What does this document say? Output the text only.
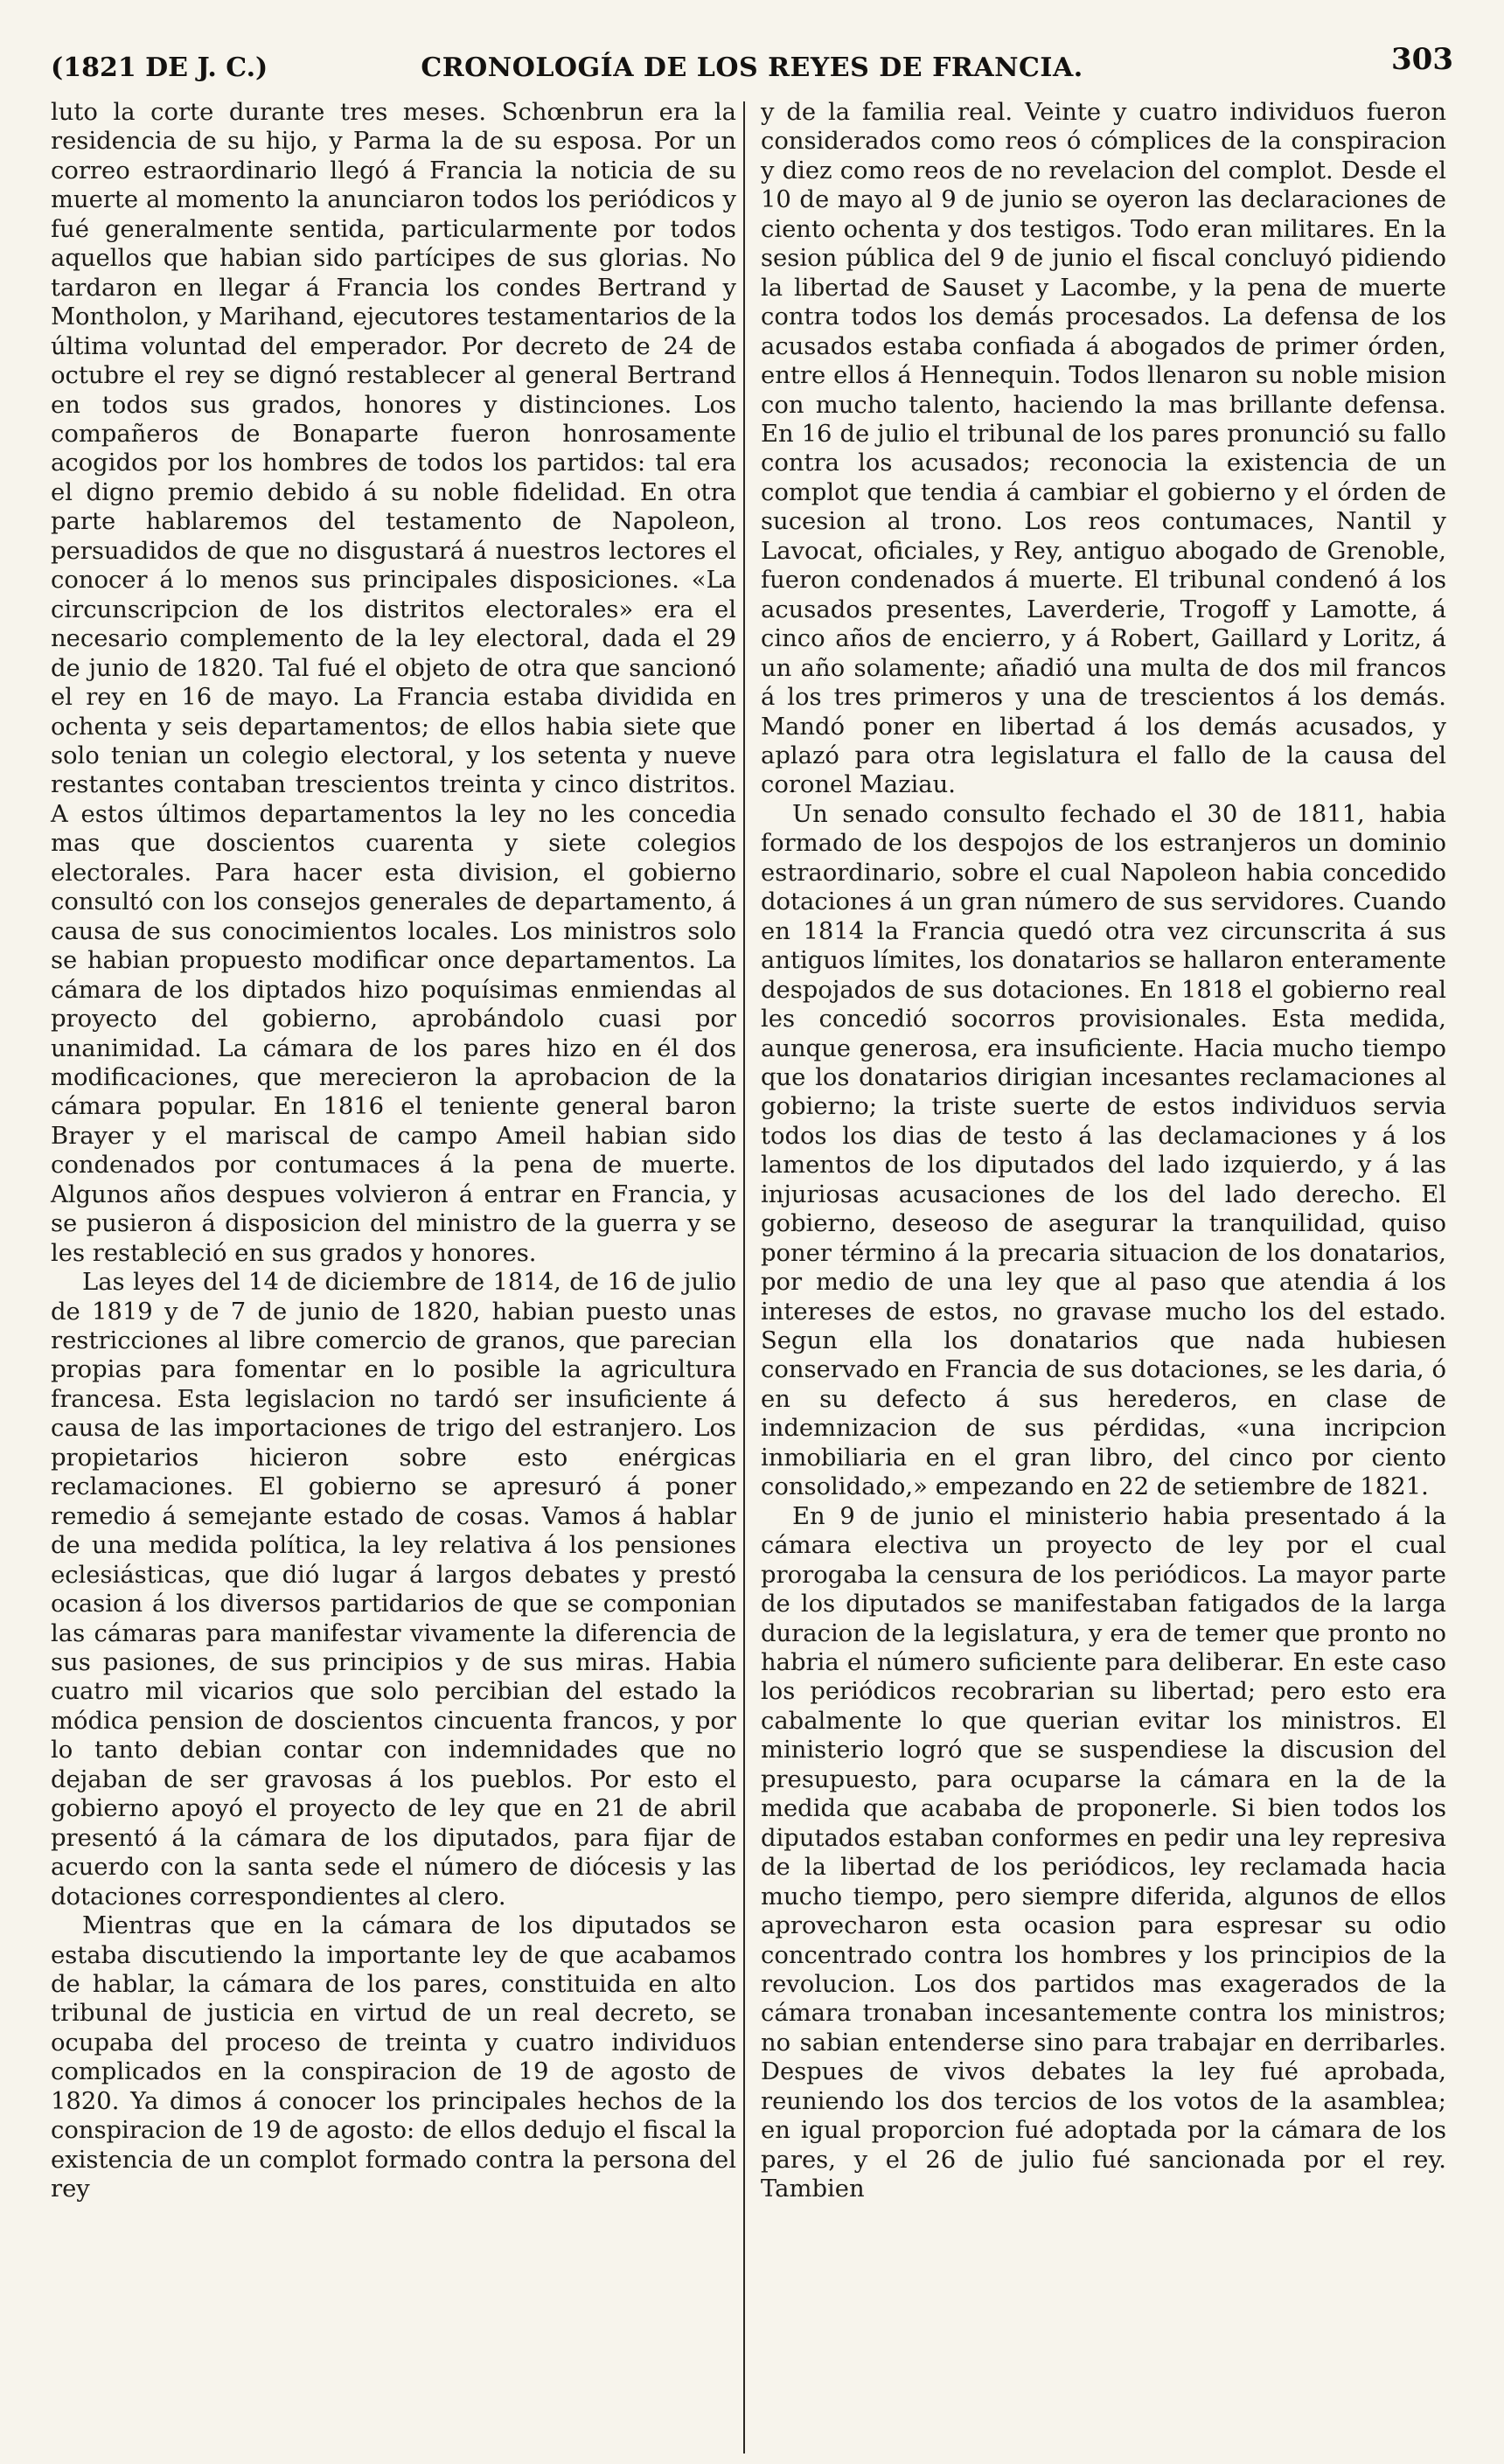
(1821 DE J. C.)	CRONOLOGÍA DE LOS REYES DE FRANCIA.	303

luto la corte durante tres meses. Schœnbrun era la residencia de su hijo, y Parma la de su esposa. Por un correo estraordinario llegó á Francia la noticia de su muerte al momento la anunciaron todos los periódicos y fué generalmente sentida, particularmente por todos aquellos que habian sido partícipes de sus glorias. No tardaron en llegar á Francia los condes Bertrand y Montholon, y Marihand, ejecutores testamentarios de la última voluntad del emperador. Por decreto de 24 de octubre el rey se dignó restablecer al general Bertrand en todos sus grados, honores y distinciones. Los compañeros de Bonaparte fueron honrosamente acogidos por los hombres de todos los partidos: tal era el digno premio debido á su noble fidelidad. En otra parte hablaremos del testamento de Napoleon, persuadidos de que no disgustará á nuestros lectores el conocer á lo menos sus principales disposiciones. «La circunscripcion de los distritos electorales» era el necesario complemento de la ley electoral, dada el 29 de junio de 1820. Tal fué el objeto de otra que sancionó el rey en 16 de mayo. La Francia estaba dividida en ochenta y seis departamentos; de ellos habia siete que solo tenian un colegio electoral, y los setenta y nueve restantes contaban trescientos treinta y cinco distritos. A estos últimos departamentos la ley no les concedia mas que doscientos cuarenta y siete colegios electorales. Para hacer esta division, el gobierno consultó con los consejos generales de departamento, á causa de sus conocimientos locales. Los ministros solo se habian propuesto modificar once departamentos. La cámara de los diptados hizo poquísimas enmiendas al proyecto del gobierno, aprobándolo cuasi por unanimidad. La cámara de los pares hizo en él dos modificaciones, que merecieron la aprobacion de la cámara popular. En 1816 el teniente general baron Brayer y el mariscal de campo Ameil habian sido condenados por contumaces á la pena de muerte. Algunos años despues volvieron á entrar en Francia, y se pusieron á disposicion del ministro de la guerra y se les restableció en sus grados y honores.

Las leyes del 14 de diciembre de 1814, de 16 de julio de 1819 y de 7 de junio de 1820, habian puesto unas restricciones al libre comercio de granos, que parecian propias para fomentar en lo posible la agricultura francesa. Esta legislacion no tardó ser insuficiente á causa de las importaciones de trigo del estranjero. Los propietarios hicieron sobre esto enérgicas reclamaciones. El gobierno se apresuró á poner remedio á semejante estado de cosas. Vamos á hablar de una medida política, la ley relativa á los pensiones eclesiásticas, que dió lugar á largos debates y prestó ocasion á los diversos partidarios de que se componian las cámaras para manifestar vivamente la diferencia de sus pasiones, de sus principios y de sus miras. Habia cuatro mil vicarios que solo percibian del estado la módica pension de doscientos cincuenta francos, y por lo tanto debian contar con indemnidades que no dejaban de ser gravosas á los pueblos. Por esto el gobierno apoyó el proyecto de ley que en 21 de abril presentó á la cámara de los diputados, para fijar de acuerdo con la santa sede el número de diócesis y las dotaciones correspondientes al clero.

Mientras que en la cámara de los diputados se estaba discutiendo la importante ley de que acabamos de hablar, la cámara de los pares, constituida en alto tribunal de justicia en virtud de un real decreto, se ocupaba del proceso de treinta y cuatro individuos complicados en la conspiracion de 19 de agosto de 1820. Ya dimos á conocer los principales hechos de la conspiracion de 19 de agosto: de ellos dedujo el fiscal la existencia de un complot formado contra la persona del rey

y de la familia real. Veinte y cuatro individuos fueron considerados como reos ó cómplices de la conspiracion y diez como reos de no revelacion del complot. Desde el 10 de mayo al 9 de junio se oyeron las declaraciones de ciento ochenta y dos testigos. Todo eran militares. En la sesion pública del 9 de junio el fiscal concluyó pidiendo la libertad de Sauset y Lacombe, y la pena de muerte contra todos los demás procesados. La defensa de los acusados estaba confiada á abogados de primer órden, entre ellos á Hennequin. Todos llenaron su noble mision con mucho talento, haciendo la mas brillante defensa. En 16 de julio el tribunal de los pares pronunció su fallo contra los acusados; reconocia la existencia de un complot que tendia á cambiar el gobierno y el órden de sucesion al trono. Los reos contumaces, Nantil y Lavocat, oficiales, y Rey, antiguo abogado de Grenoble, fueron condenados á muerte. El tribunal condenó á los acusados presentes, Laverderie, Trogoff y Lamotte, á cinco años de encierro, y á Robert, Gaillard y Loritz, á un año solamente; añadió una multa de dos mil francos á los tres primeros y una de trescientos á los demás. Mandó poner en libertad á los demás acusados, y aplazó para otra legislatura el fallo de la causa del coronel Maziau.

Un senado consulto fechado el 30 de 1811, habia formado de los despojos de los estranjeros un dominio estraordinario, sobre el cual Napoleon habia concedido dotaciones á un gran número de sus servidores. Cuando en 1814 la Francia quedó otra vez circunscrita á sus antiguos límites, los donatarios se hallaron enteramente despojados de sus dotaciones. En 1818 el gobierno real les concedió socorros provisionales. Esta medida, aunque generosa, era insuficiente. Hacia mucho tiempo que los donatarios dirigian incesantes reclamaciones al gobierno; la triste suerte de estos individuos servia todos los dias de testo á las declamaciones y á los lamentos de los diputados del lado izquierdo, y á las injuriosas acusaciones de los del lado derecho. El gobierno, deseoso de asegurar la tranquilidad, quiso poner término á la precaria situacion de los donatarios, por medio de una ley que al paso que atendia á los intereses de estos, no gravase mucho los del estado. Segun ella los donatarios que nada hubiesen conservado en Francia de sus dotaciones, se les daria, ó en su defecto á sus herederos, en clase de indemnizacion de sus pérdidas, «una incripcion inmobiliaria en el gran libro, del cinco por ciento consolidado,» empezando en 22 de setiembre de 1821.

En 9 de junio el ministerio habia presentado á la cámara electiva un proyecto de ley por el cual prorogaba la censura de los periódicos. La mayor parte de los diputados se manifestaban fatigados de la larga duracion de la legislatura, y era de temer que pronto no habria el número suficiente para deliberar. En este caso los periódicos recobrarian su libertad; pero esto era cabalmente lo que querian evitar los ministros. El ministerio logró que se suspendiese la discusion del presupuesto, para ocuparse la cámara en la de la medida que acababa de proponerle. Si bien todos los diputados estaban conformes en pedir una ley represiva de la libertad de los periódicos, ley reclamada hacia mucho tiempo, pero siempre diferida, algunos de ellos aprovecharon esta ocasion para espresar su odio concentrado contra los hombres y los principios de la revolucion. Los dos partidos mas exagerados de la cámara tronaban incesantemente contra los ministros; no sabian entenderse sino para trabajar en derribarles. Despues de vivos debates la ley fué aprobada, reuniendo los dos tercios de los votos de la asamblea; en igual proporcion fué adoptada por la cámara de los pares, y el 26 de julio fué sancionada por el rey. Tambien
